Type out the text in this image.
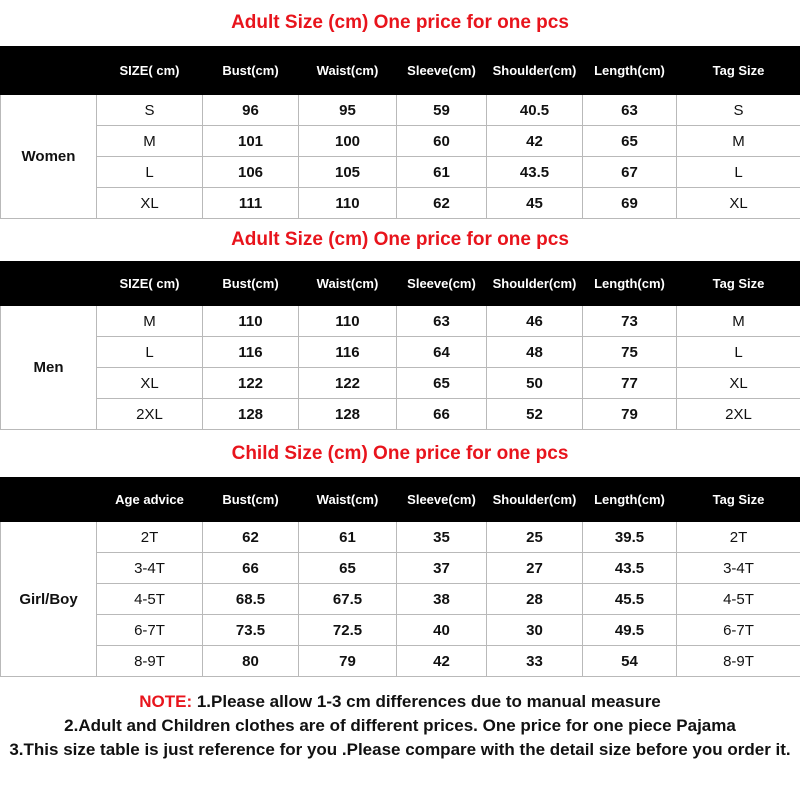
Adult Size (cm) One price for one pcs
	SIZE( cm)	Bust(cm)	Waist(cm)	Sleeve(cm)	Shoulder(cm)	Length(cm)	Tag Size
Women	S	96	95	59	40.5	63	S
	M	101	100	60	42	65	M
	L	106	105	61	43.5	67	L
	XL	111	110	62	45	69	XL
Adult Size (cm) One price for one pcs
	SIZE( cm)	Bust(cm)	Waist(cm)	Sleeve(cm)	Shoulder(cm)	Length(cm)	Tag Size
Men	M	110	110	63	46	73	M
	L	116	116	64	48	75	L
	XL	122	122	65	50	77	XL
	2XL	128	128	66	52	79	2XL
Child Size (cm) One price for one pcs
	Age advice	Bust(cm)	Waist(cm)	Sleeve(cm)	Shoulder(cm)	Length(cm)	Tag Size
Girl/Boy	2T	62	61	35	25	39.5	2T
	3-4T	66	65	37	27	43.5	3-4T
	4-5T	68.5	67.5	38	28	45.5	4-5T
	6-7T	73.5	72.5	40	30	49.5	6-7T
	8-9T	80	79	42	33	54	8-9T
NOTE: 1.Please allow 1-3 cm differences due to manual measure
2.Adult and Children clothes are of different prices. One price for one piece Pajama
3.This size table is just reference for you .Please compare with the detail size before you order it.
